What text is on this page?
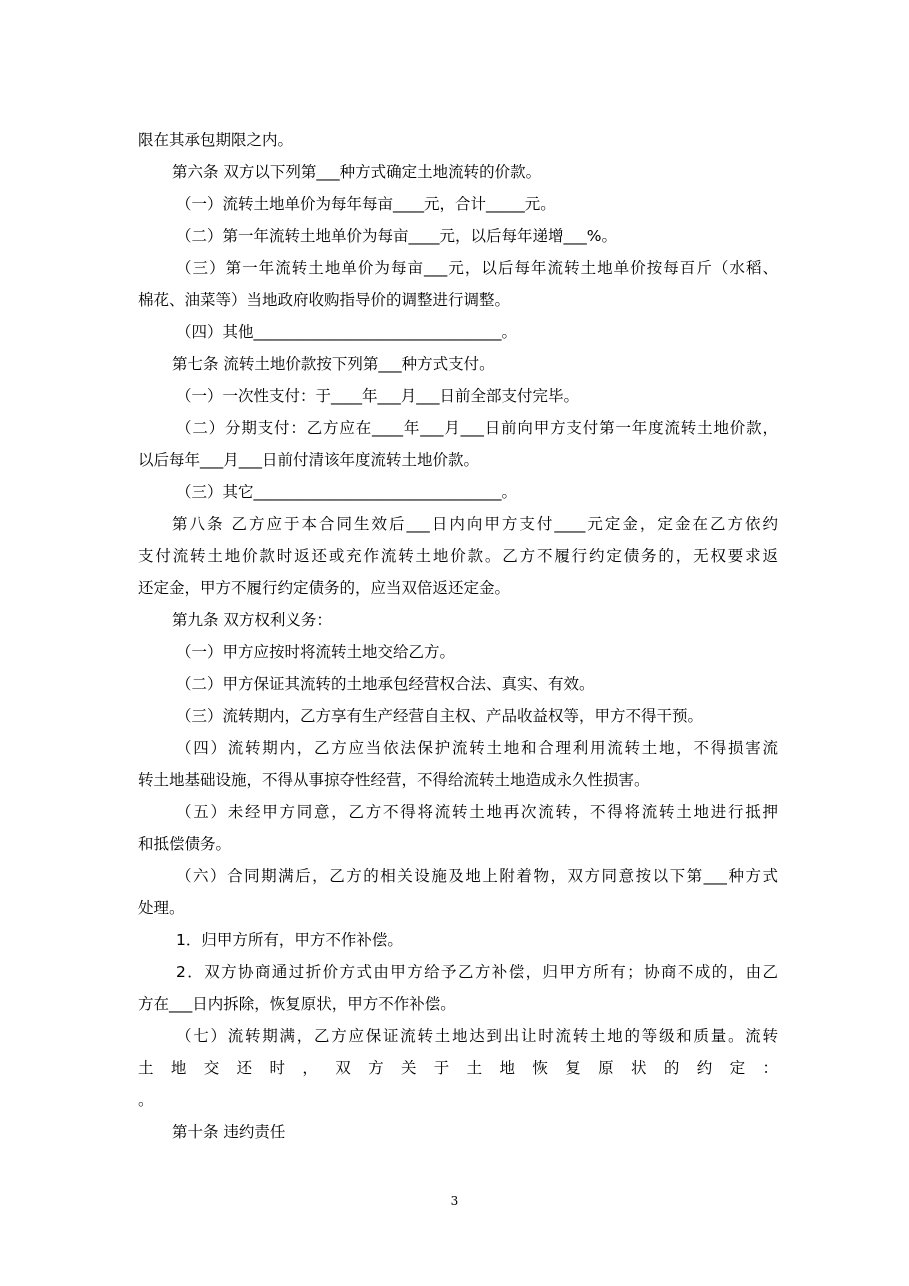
限在其承包期限之内。
第六条 双方以下列第___种方式确定土地流转的价款。
（一）流转土地单价为每年每亩____元，合计_____元。
（二）第一年流转土地单价为每亩____元，以后每年递增___%。
（三）第一年流转土地单价为每亩___元，以后每年流转土地单价按每百斤（水稻、
棉花、油菜等）当地政府收购指导价的调整进行调整。
（四）其他________________________________。
第七条 流转土地价款按下列第___种方式支付。
（一）一次性支付：于____年___月___日前全部支付完毕。
（二）分期支付：乙方应在____年___月___日前向甲方支付第一年度流转土地价款，
以后每年___月___日前付清该年度流转土地价款。
（三）其它________________________________。
第八条 乙方应于本合同生效后___日内向甲方支付____元定金，定金在乙方依约
支付流转土地价款时返还或充作流转土地价款。乙方不履行约定债务的，无权要求返
还定金，甲方不履行约定债务的，应当双倍返还定金。
第九条 双方权利义务：
（一）甲方应按时将流转土地交给乙方。
（二）甲方保证其流转的土地承包经营权合法、真实、有效。
（三）流转期内，乙方享有生产经营自主权、产品收益权等，甲方不得干预。
（四）流转期内，乙方应当依法保护流转土地和合理利用流转土地，不得损害流
转土地基础设施，不得从事掠夺性经营，不得给流转土地造成永久性损害。
（五）未经甲方同意，乙方不得将流转土地再次流转，不得将流转土地进行抵押
和抵偿债务。
（六）合同期满后，乙方的相关设施及地上附着物，双方同意按以下第___种方式
处理。
1．归甲方所有，甲方不作补偿。
2．双方协商通过折价方式由甲方给予乙方补偿，归甲方所有；协商不成的，由乙
方在___日内拆除，恢复原状，甲方不作补偿。
（七）流转期满，乙方应保证流转土地达到出让时流转土地的等级和质量。流转
土地交还时，双方关于土地恢复原状的约定：
。
第十条 违约责任
3
